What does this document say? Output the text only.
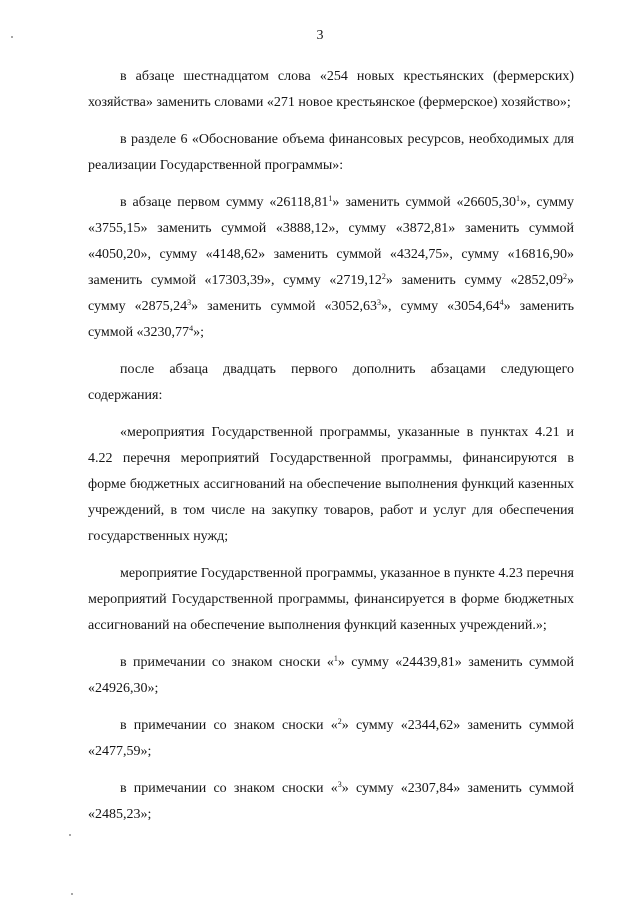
3

в абзаце шестнадцатом слова «254 новых крестьянских (фермерских) хозяйства» заменить словами «271 новое крестьянское (фермерское) хозяйство»;

в разделе 6 «Обоснование объема финансовых ресурсов, необходимых для реализации Государственной программы»:

в абзаце первом сумму «26118,81$^1$» заменить суммой «26605,30$^1$», сумму «3755,15» заменить суммой «3888,12», сумму «3872,81» заменить суммой «4050,20», сумму «4148,62» заменить суммой «4324,75», сумму «16816,90» заменить суммой «17303,39», сумму «2719,12$^2$» заменить сумму «2852,09$^2$» сумму «2875,24$^3$» заменить суммой «3052,63$^3$», сумму «3054,64$^4$» заменить суммой «3230,77$^4$»;

после абзаца двадцать первого дополнить абзацами следующего содержания:

«мероприятия Государственной программы, указанные в пунктах 4.21 и 4.22 перечня мероприятий Государственной программы, финансируются в форме бюджетных ассигнований на обеспечение выполнения функций казенных учреждений, в том числе на закупку товаров, работ и услуг для обеспечения государственных нужд;

мероприятие Государственной программы, указанное в пункте 4.23 перечня мероприятий Государственной программы, финансируется в форме бюджетных ассигнований на обеспечение выполнения функций казенных учреждений.»;

в примечании со знаком сноски «$^1$» сумму «24439,81» заменить суммой «24926,30»;

в примечании со знаком сноски «$^2$» сумму «2344,62» заменить суммой «2477,59»;

в примечании со знаком сноски «$^3$» сумму «2307,84» заменить суммой «2485,23»;
